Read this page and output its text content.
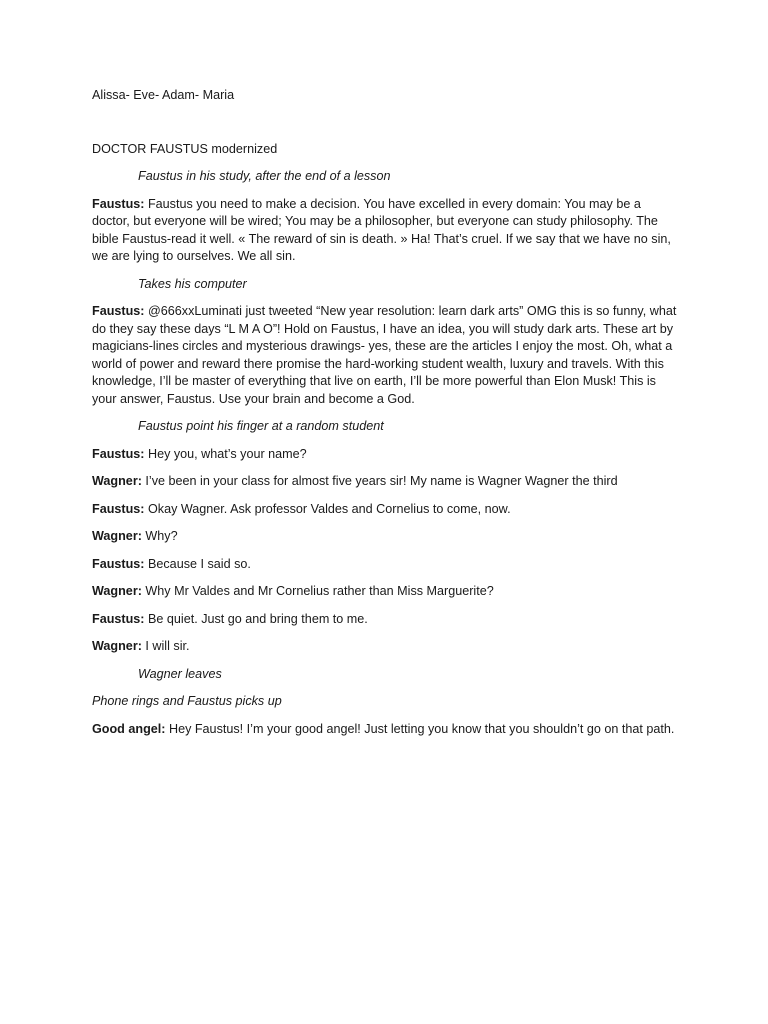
Alissa- Eve- Adam- Maria

DOCTOR FAUSTUS modernized

Faustus in his study, after the end of a lesson

Faustus: Faustus you need to make a decision. You have excelled in every domain: You may be a doctor, but everyone will be wired; You may be a philosopher, but everyone can study philosophy. The bible Faustus-read it well. « The reward of sin is death. » Ha! That’s cruel. If we say that we have no sin, we are lying to ourselves. We all sin.

Takes his computer

Faustus: @666xxLuminati just tweeted “New year resolution: learn dark arts” OMG this is so funny, what do they say these days “L M A O”! Hold on Faustus, I have an idea, you will study dark arts. These art by magicians-lines circles and mysterious drawings- yes, these are the articles I enjoy the most. Oh, what a world of power and reward there promise the hard-working student wealth, luxury and travels. With this knowledge, I’ll be master of everything that live on earth, I’ll be more powerful than Elon Musk! This is your answer, Faustus. Use your brain and become a God.

Faustus point his finger at a random student

Faustus: Hey you, what’s your name?

Wagner: I’ve been in your class for almost five years sir! My name is Wagner Wagner the third

Faustus: Okay Wagner. Ask professor Valdes and Cornelius to come, now.

Wagner: Why?

Faustus: Because I said so.

Wagner: Why Mr Valdes and Mr Cornelius rather than Miss Marguerite?

Faustus: Be quiet. Just go and bring them to me.

Wagner: I will sir.

Wagner leaves

Phone rings and Faustus picks up

Good angel: Hey Faustus! I’m your good angel! Just letting you know that you shouldn’t go on that path.
